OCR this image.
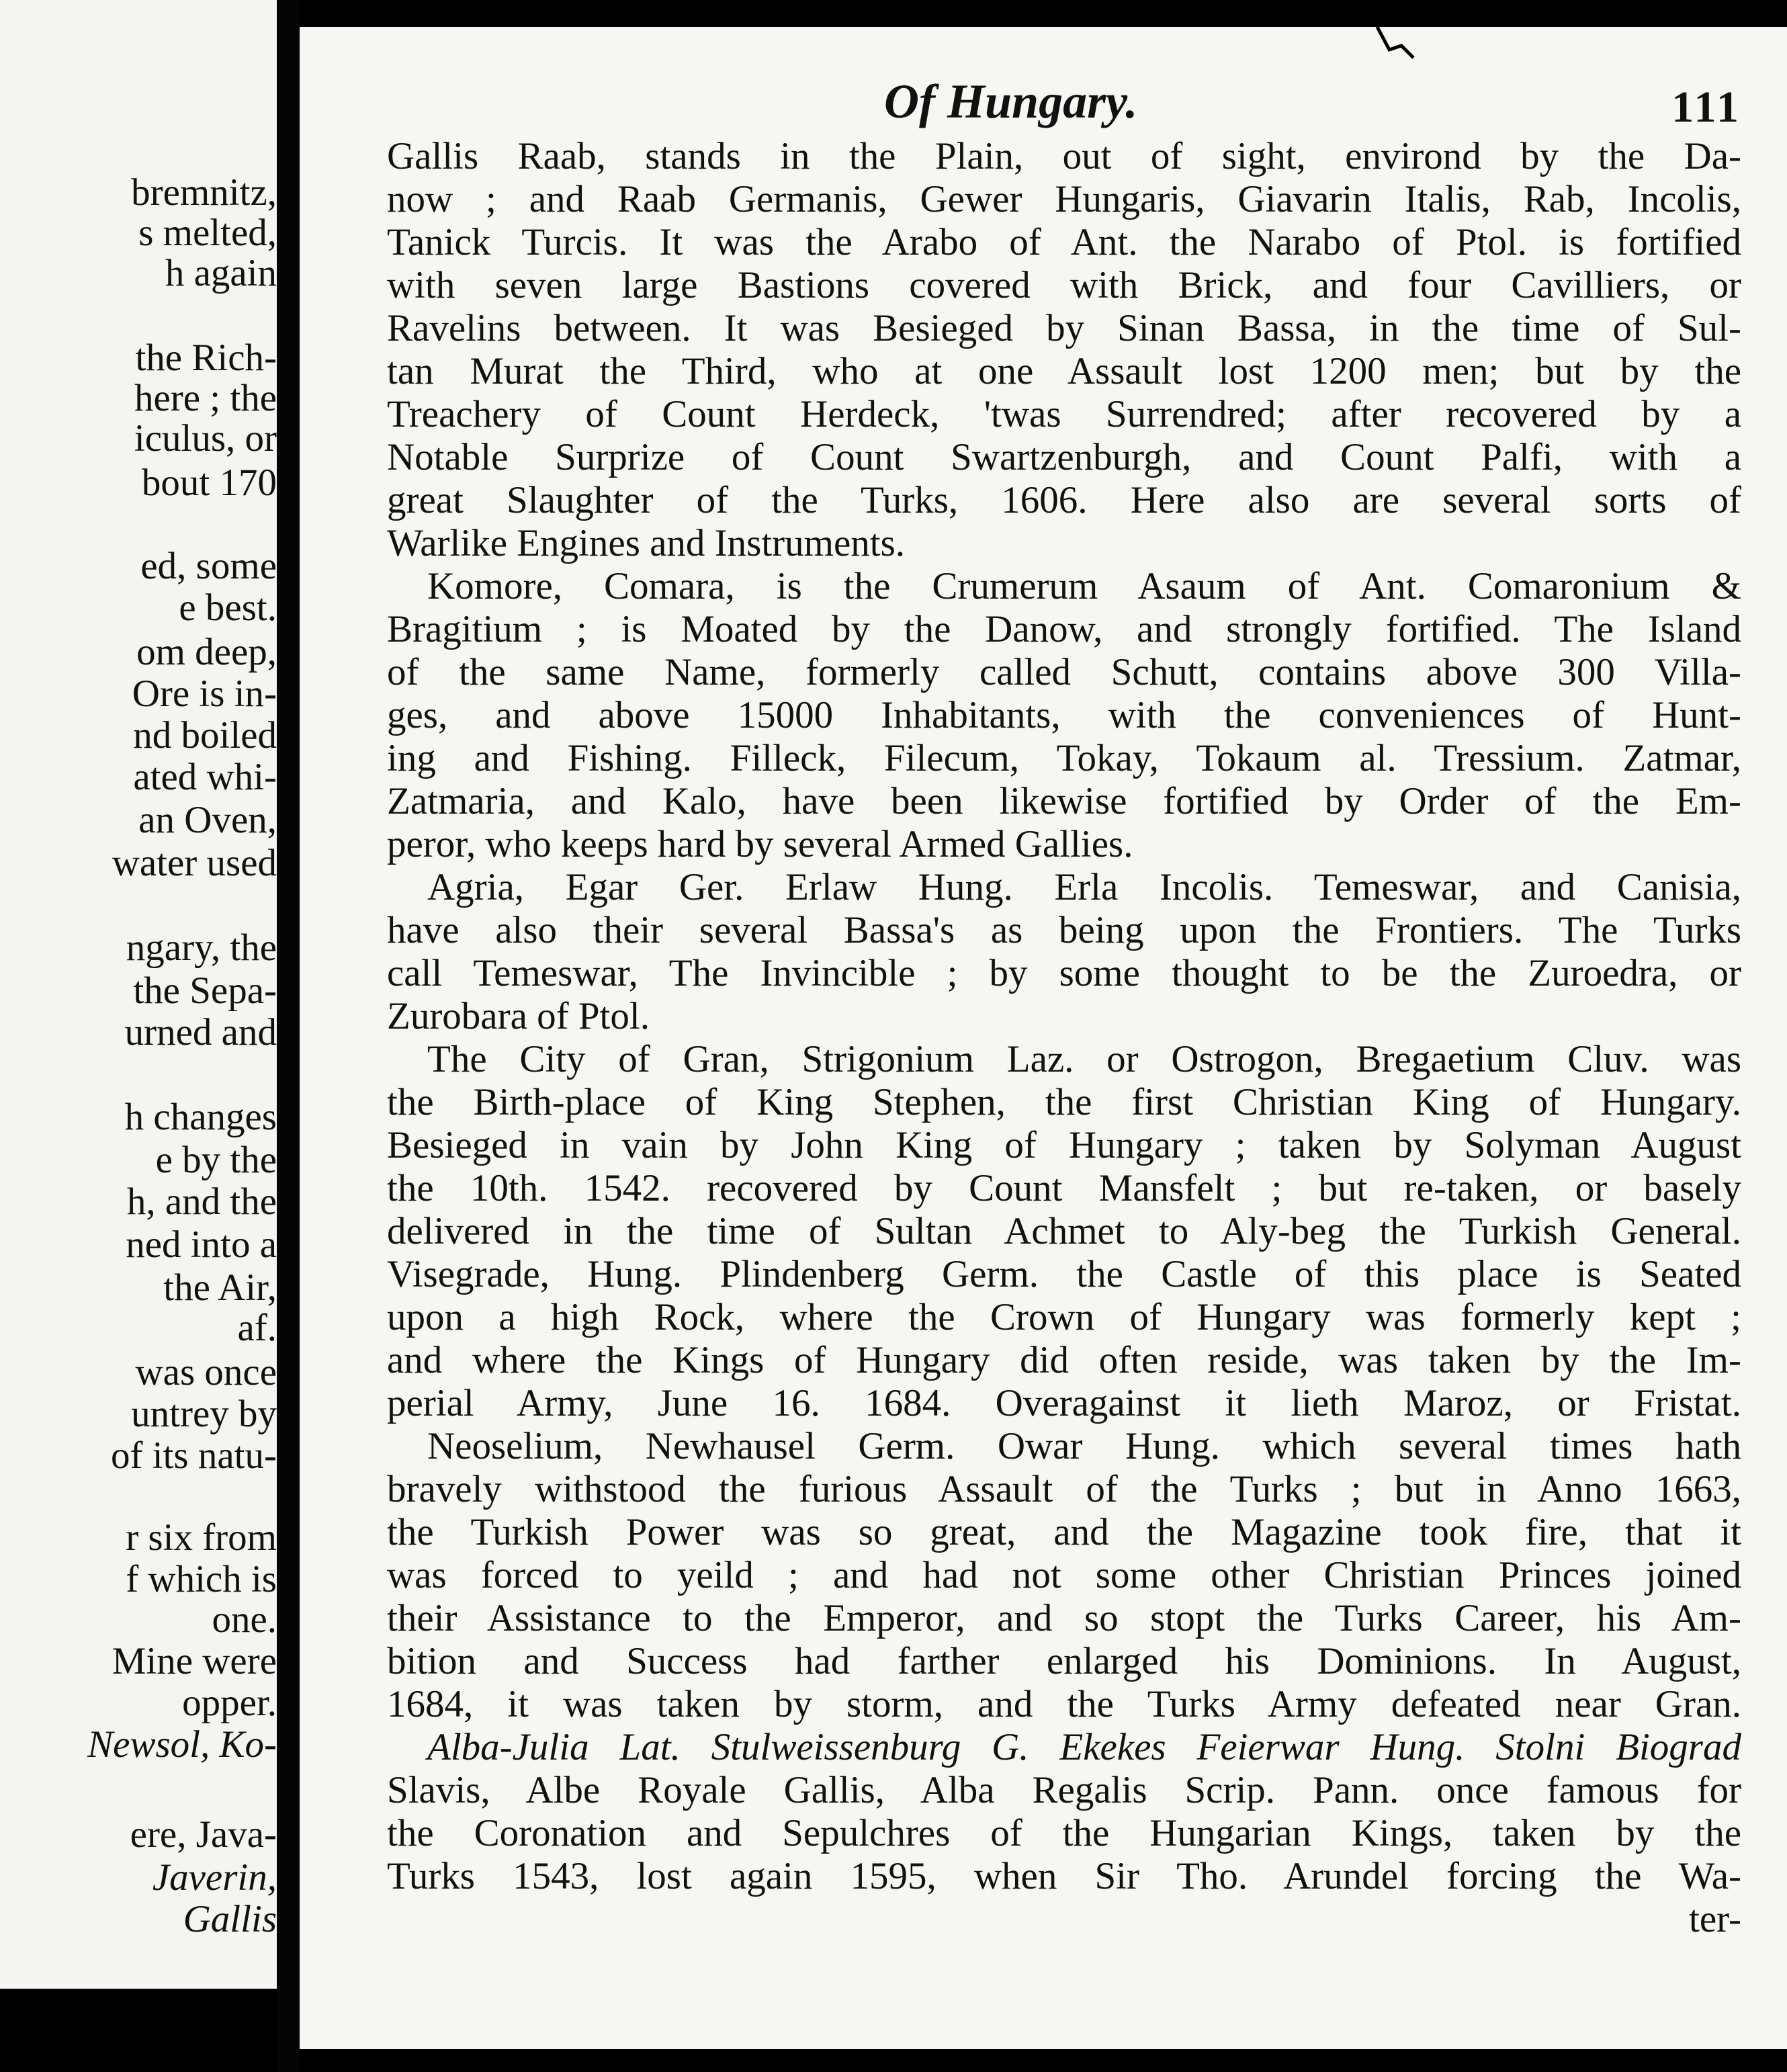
bremnitz,
s melted,
h again
the Rich-
here ; the
iculus, or
bout 170
ed, some
e best.
om deep,
Ore is in-
nd boiled
ated whi-
an Oven,
water used
ngary, the
the Sepa-
urned and
h changes
e by the
h, and the
ned into a
the Air,
af.
was once
untrey by
of its natu-
r six from
f which is
one.
Mine were
opper.
Newsol, Ko-
ere, Java-
Javerin,
Gallis
Of Hungary.	111
Gallis Raab, stands in the Plain, out of sight, environd by the Da-
now ; and Raab Germanis, Gewer Hungaris, Giavarin Italis, Rab, Incolis,
Tanick Turcis. It was the Arabo of Ant. the Narabo of Ptol. is fortified
with seven large Bastions covered with Brick, and four Cavilliers, or
Ravelins between. It was Besieged by Sinan Bassa, in the time of Sul-
tan Murat the Third, who at one Assault lost 1200 men; but by the
Treachery of Count Herdeck, 'twas Surrendred; after recovered by a
Notable Surprize of Count Swartzenburgh, and Count Palfi, with a
great Slaughter of the Turks, 1606. Here also are several sorts of
Warlike Engines and Instruments.
Komore, Comara, is the Crumerum Asaum of Ant. Comaronium &
Bragitium ; is Moated by the Danow, and strongly fortified. The Island
of the same Name, formerly called Schutt, contains above 300 Villa-
ges, and above 15000 Inhabitants, with the conveniences of Hunt-
ing and Fishing. Filleck, Filecum, Tokay, Tokaum al. Tressium. Zatmar,
Zatmaria, and Kalo, have been likewise fortified by Order of the Em-
peror, who keeps hard by several Armed Gallies.
Agria, Egar Ger. Erlaw Hung. Erla Incolis. Temeswar, and Canisia,
have also their several Bassa's as being upon the Frontiers. The Turks
call Temeswar, The Invincible ; by some thought to be the Zuroedra, or
Zurobara of Ptol.
The City of Gran, Strigonium Laz. or Ostrogon, Bregaetium Cluv. was
the Birth-place of King Stephen, the first Christian King of Hungary.
Besieged in vain by John King of Hungary ; taken by Solyman August
the 10th. 1542. recovered by Count Mansfelt ; but re-taken, or basely
delivered in the time of Sultan Achmet to Aly-beg the Turkish General.
Visegrade, Hung. Plindenberg Germ. the Castle of this place is Seated
upon a high Rock, where the Crown of Hungary was formerly kept ;
and where the Kings of Hungary did often reside, was taken by the Im-
perial Army, June 16. 1684. Overagainst it lieth Maroz, or Fristat.
Neoselium, Newhausel Germ. Owar Hung. which several times hath
bravely withstood the furious Assault of the Turks ; but in Anno 1663,
the Turkish Power was so great, and the Magazine took fire, that it
was forced to yeild ; and had not some other Christian Princes joined
their Assistance to the Emperor, and so stopt the Turks Career, his Am-
bition and Success had farther enlarged his Dominions. In August,
1684, it was taken by storm, and the Turks Army defeated near Gran.
Alba-Julia Lat. Stulweissenburg G. Ekekes Feierwar Hung. Stolni Biograd
Slavis, Albe Royale Gallis, Alba Regalis Scrip. Pann. once famous for
the Coronation and Sepulchres of the Hungarian Kings, taken by the
Turks 1543, lost again 1595, when Sir Tho. Arundel forcing the Wa-
ter-
